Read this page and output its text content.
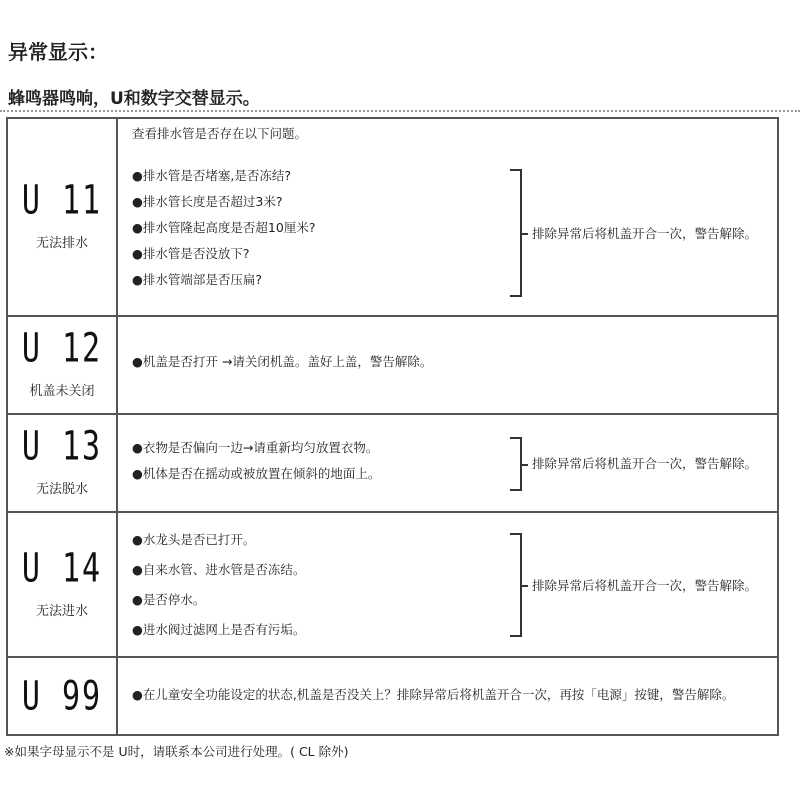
异常显示：
蜂鸣器鸣响，U和数字交替显示。
U 11
无法排水
查看排水管是否存在以下问题。
●排水管是否堵塞,是否冻结?
●排水管长度是否超过3米?
●排水管隆起高度是否超10厘米?
●排水管是否没放下?
●排水管端部是否压扁?
排除异常后将机盖开合一次，警告解除。
U 12
机盖未关闭
●机盖是否打开 →请关闭机盖。盖好上盖，警告解除。
U 13
无法脱水
●衣物是否偏向一边→请重新均匀放置衣物。
●机体是否在摇动或被放置在倾斜的地面上。
排除异常后将机盖开合一次，警告解除。
U 14
无法进水
●水龙头是否已打开。
●自来水管、进水管是否冻结。
●是否停水。
●进水阀过滤网上是否有污垢。
排除异常后将机盖开合一次，警告解除。
U 99 ●在儿童安全功能设定的状态,机盖是否没关上？排除异常后将机盖开合一次，再按「电源」按键，警告解除。
※如果字母显示不是 U时，请联系本公司进行处理。( CL 除外)
